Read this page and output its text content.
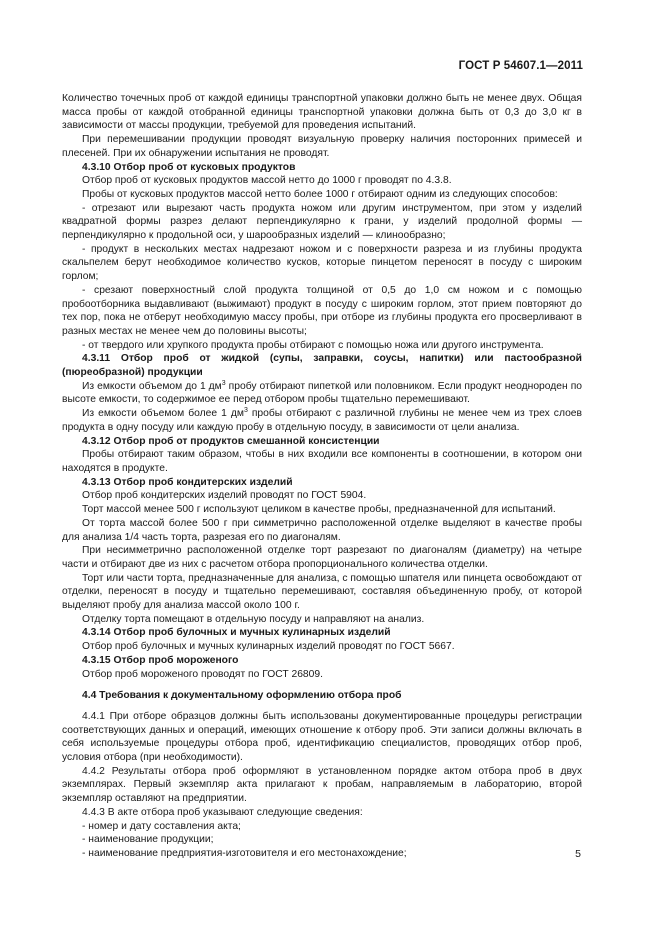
ГОСТ Р 54607.1—2011

Количество точечных проб от каждой единицы транспортной упаковки должно быть не менее двух. Общая масса пробы от каждой отобранной единицы транспортной упаковки должна быть от 0,3 до 3,0 кг в зависимости от массы продукции, требуемой для проведения испытаний.

При перемешивании продукции проводят визуальную проверку наличия посторонних примесей и плесеней. При их обнаружении испытания не проводят.

4.3.10 Отбор проб от кусковых продуктов

Отбор проб от кусковых продуктов массой нетто до 1000 г проводят по 4.3.8.

Пробы от кусковых продуктов массой нетто более 1000 г отбирают одним из следующих способов:

- отрезают или вырезают часть продукта ножом или другим инструментом, при этом у изделий квадратной формы разрез делают перпендикулярно к грани, у изделий продолной формы — перпендикулярно к продольной оси, у шарообразных изделий — клинообразно;

- продукт в нескольких местах надрезают ножом и с поверхности разреза и из глубины продукта скальпелем берут необходимое количество кусков, которые пинцетом переносят в посуду с широким горлом;

- срезают поверхностный слой продукта толщиной от 0,5 до 1,0 см ножом и с помощью пробоотборника выдавливают (выжимают) продукт в посуду с широким горлом, этот прием повторяют до тех пор, пока не отберут необходимую массу пробы, при отборе из глубины продукта его просверливают в разных местах не менее чем до половины высоты;

- от твердого или хрупкого продукта пробы отбирают с помощью ножа или другого инструмента.

4.3.11 Отбор проб от жидкой (супы, заправки, соусы, напитки) или пастообразной (пюреобразной) продукции

Из емкости объемом до 1 $дм^3$ пробу отбирают пипеткой или половником. Если продукт неоднороден по высоте емкости, то содержимое ее перед отбором пробы тщательно перемешивают.

Из емкости объемом более 1 $дм^3$ пробы отбирают с различной глубины не менее чем из трех слоев продукта в одну посуду или каждую пробу в отдельную посуду, в зависимости от цели анализа.

4.3.12 Отбор проб от продуктов смешанной консистенции

Пробы отбирают таким образом, чтобы в них входили все компоненты в соотношении, в котором они находятся в продукте.

4.3.13 Отбор проб кондитерских изделий

Отбор проб кондитерских изделий проводят по ГОСТ 5904.

Торт массой менее 500 г используют целиком в качестве пробы, предназначенной для испытаний.

От торта массой более 500 г при симметрично расположенной отделке выделяют в качестве пробы для анализа 1/4 часть торта, разрезая его по диагоналям.

При несимметрично расположенной отделке торт разрезают по диагоналям (диаметру) на четыре части и отбирают две из них с расчетом отбора пропорционального количества отделки.

Торт или части торта, предназначенные для анализа, с помощью шпателя или пинцета освобождают от отделки, переносят в посуду и тщательно перемешивают, составляя объединенную пробу, от которой выделяют пробу для анализа массой около 100 г.

Отделку торта помещают в отдельную посуду и направляют на анализ.

4.3.14 Отбор проб булочных и мучных кулинарных изделий

Отбор проб булочных и мучных кулинарных изделий проводят по ГОСТ 5667.

4.3.15 Отбор проб мороженого

Отбор проб мороженого проводят по ГОСТ 26809.

4.4 Требования к документальному оформлению отбора проб

4.4.1 При отборе образцов должны быть использованы документированные процедуры регистрации соответствующих данных и операций, имеющих отношение к отбору проб. Эти записи должны включать в себя используемые процедуры отбора проб, идентификацию специалистов, проводящих отбор проб, условия отбора (при необходимости).

4.4.2 Результаты отбора проб оформляют в установленном порядке актом отбора проб в двух экземплярах. Первый экземпляр акта прилагают к пробам, направляемым в лабораторию, второй экземпляр оставляют на предприятии.

4.4.3 В акте отбора проб указывают следующие сведения:

- номер и дату составления акта;

- наименование продукции;

- наименование предприятия-изготовителя и его местонахождение;	5
